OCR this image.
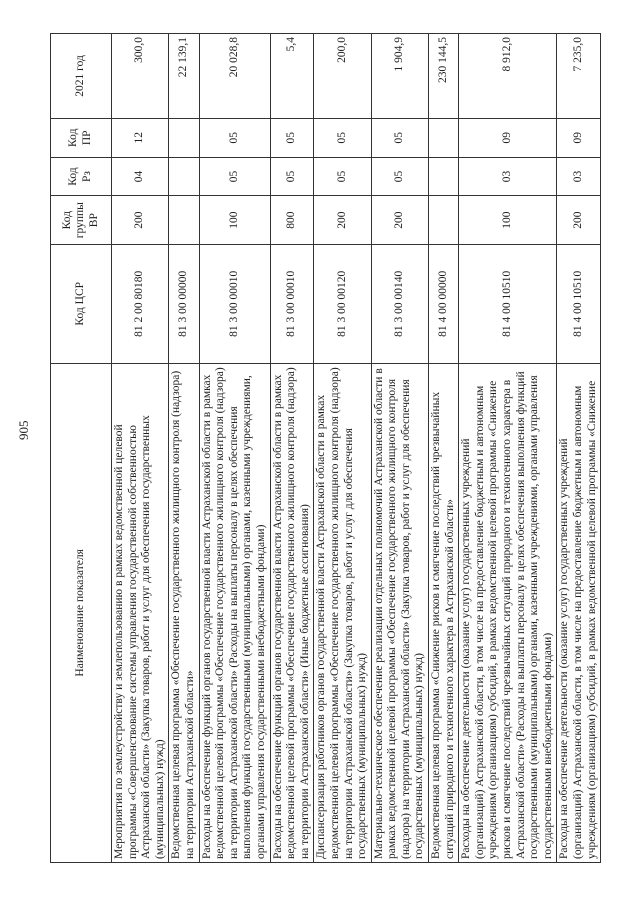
905
Наименование показателя	Код ЦСР	Код группы ВР	Код Рз	Код ПР	2021 год
Мероприятия по землеустройству и землепользованию в рамках ведомственной целевой программы «Совершенствование системы управления государственной собственностью Астраханской области» (Закупка товаров, работ и услуг для обеспечения государственных (муниципальных) нужд)	81 2 00 80180	200	04	12	300,0
Ведомственная целевая программа «Обеспечение государственного жилищного контроля (надзора) на территории Астраханской области»	81 3 00 00000				22 139,1
Расходы на обеспечение функций органов государственной власти Астраханской области в рамках ведомственной целевой программы «Обеспечение государственного жилищного контроля (надзора) на территории Астраханской области» (Расходы на выплаты персоналу в целях обеспечения выполнения функций государственными (муниципальными) органами, казенными учреждениями, органами управления государственными внебюджетными фондами)	81 3 00 00010	100	05	05	20 028,8
Расходы на обеспечение функций органов государственной власти Астраханской области в рамках ведомственной целевой программы «Обеспечение государственного жилищного контроля (надзора) на территории Астраханской области» (Иные бюджетные ассигнования)	81 3 00 00010	800	05	05	5,4
Диспансеризация работников органов государственной власти Астраханской области в рамках ведомственной целевой программы «Обеспечение государственного жилищного контроля (надзора) на территории Астраханской области» (Закупка товаров, работ и услуг для обеспечения государственных (муниципальных) нужд)	81 3 00 00120	200	05	05	200,0
Материально-техническое обеспечение реализации отдельных полномочий Астраханской области в рамках ведомственной целевой программы «Обеспечение государственного жилищного контроля (надзора) на территории Астраханской области» (Закупка товаров, работ и услуг для обеспечения государственных (муниципальных) нужд)	81 3 00 00140	200	05	05	1 904,9
Ведомственная целевая программа «Снижение рисков и смягчение последствий чрезвычайных ситуаций природного и техногенного характера в Астраханской области»	81 4 00 00000				230 144,5
Расходы на обеспечение деятельности (оказание услуг) государственных учреждений (организаций) Астраханской области, в том числе на предоставление бюджетным и автономным учреждениям (организациям) субсидий, в рамках ведомственной целевой программы «Снижение рисков и смягчение последствий чрезвычайных ситуаций природного и техногенного характера в Астраханской области» (Расходы на выплаты персоналу в целях обеспечения выполнения функций государственными (муниципальными) органами, казенными учреждениями, органами управления государственными внебюджетными фондами)	81 4 00 10510	100	03	09	8 912,0
Расходы на обеспечение деятельности (оказание услуг) государственных учреждений (организаций) Астраханской области, в том числе на предоставление бюджетным и автономным учреждениям (организациям) субсидий, в рамках ведомственной целевой программы «Снижение	81 4 00 10510	200	03	09	7 235,0
